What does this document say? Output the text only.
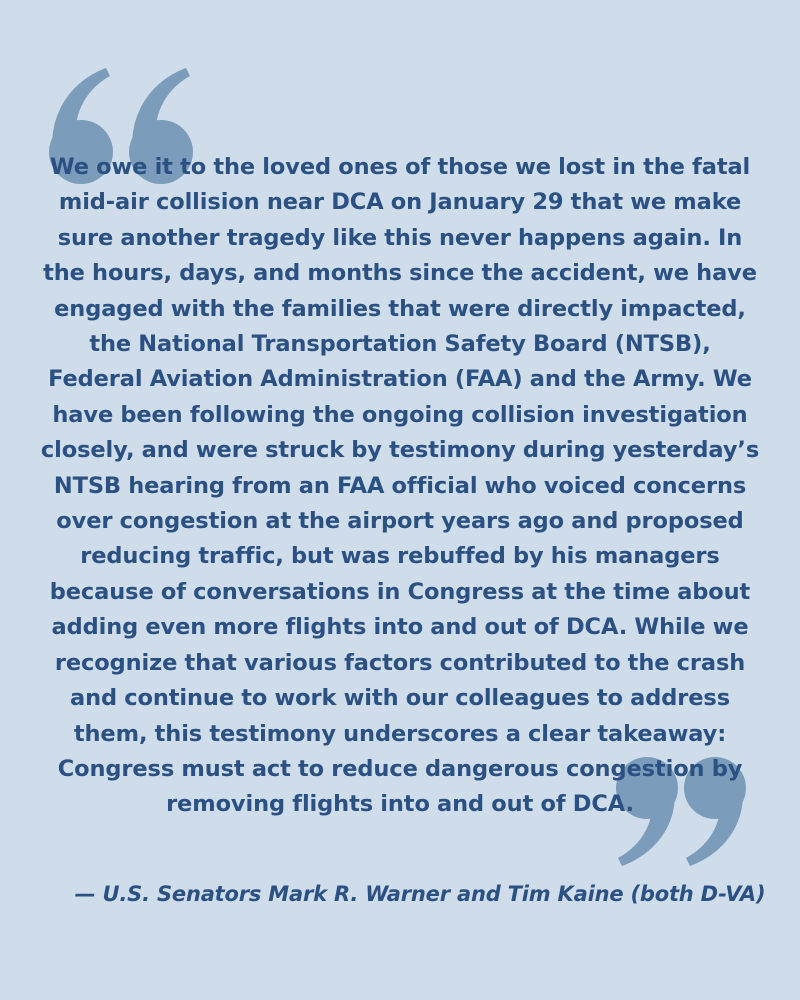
We owe it to the loved ones of those we lost in the fatal mid-air collision near DCA on January 29 that we make sure another tragedy like this never happens again. In the hours, days, and months since the accident, we have engaged with the families that were directly impacted, the National Transportation Safety Board (NTSB), Federal Aviation Administration (FAA) and the Army. We have been following the ongoing collision investigation closely, and were struck by testimony during yesterday’s NTSB hearing from an FAA official who voiced concerns over congestion at the airport years ago and proposed reducing traffic, but was rebuffed by his managers because of conversations in Congress at the time about adding even more flights into and out of DCA. While we recognize that various factors contributed to the crash and continue to work with our colleagues to address them, this testimony underscores a clear takeaway: Congress must act to reduce dangerous congestion by removing flights into and out of DCA.

— U.S. Senators Mark R. Warner and Tim Kaine (both D-VA)
